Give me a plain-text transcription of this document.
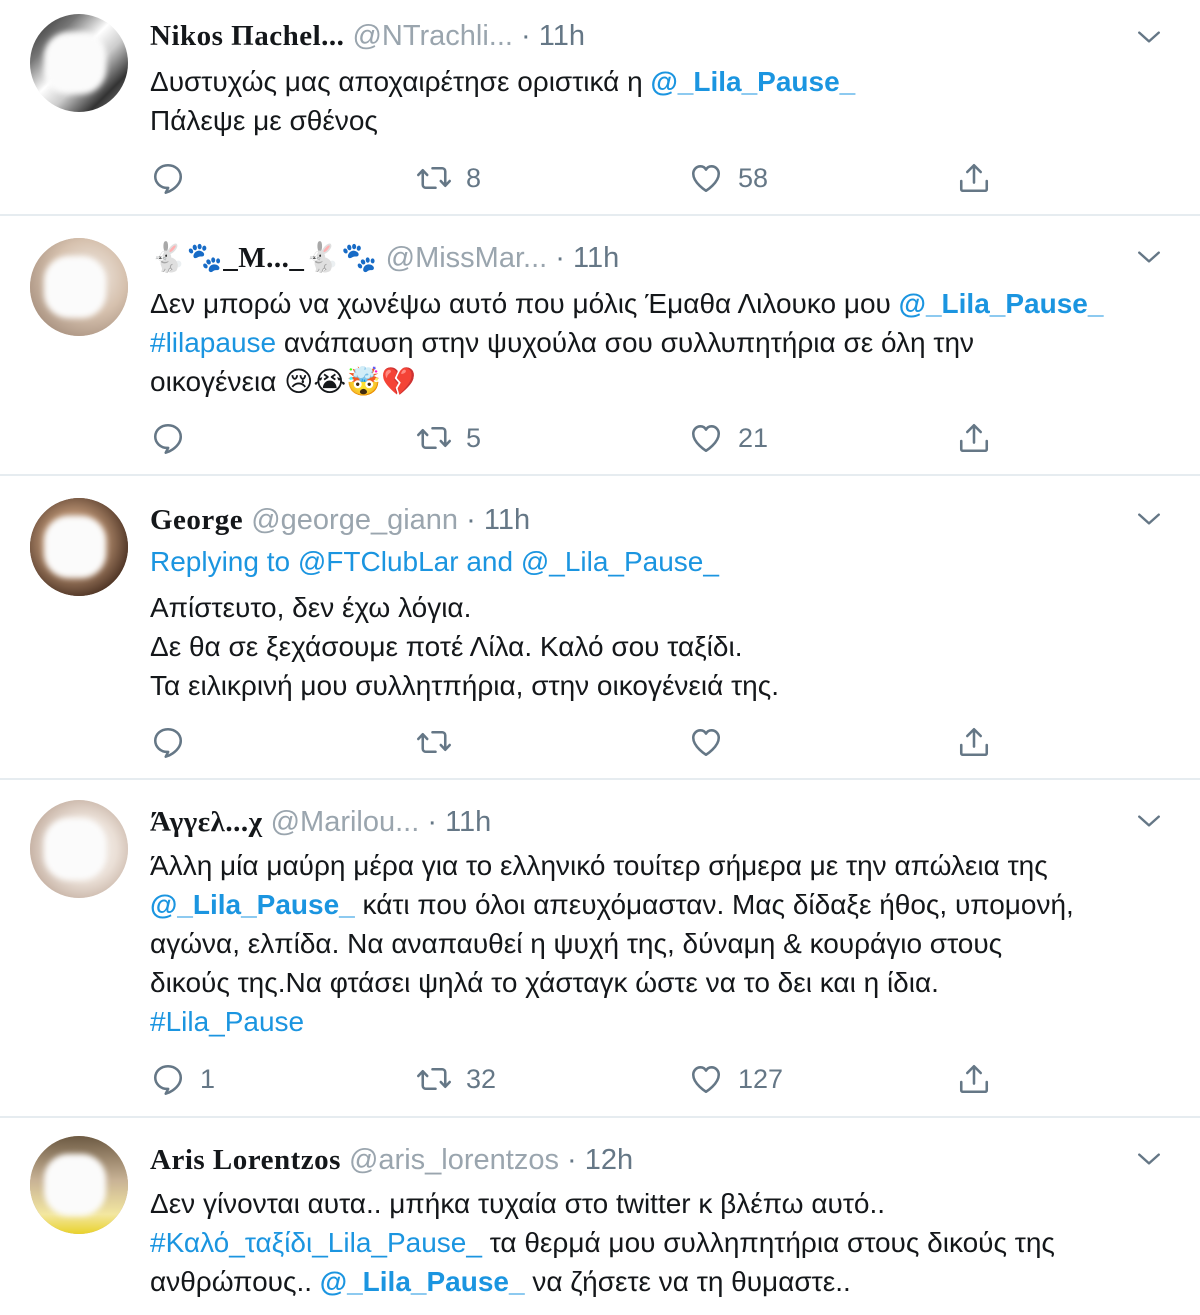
Νikos Πachel... @NTrachli... · 11h
Δυστυχώς μας αποχαιρέτησε οριστικά η @_Lila_Pause_
Πάλεψε με σθένος
8	58
🐇🐾_M..._🐇🐾 @MissMar... · 11h
Δεν μπορώ να χωνέψω αυτό που μόλις Έμαθα Λιλουκο μου @_Lila_Pause_
#lilapause ανάπαυση στην ψυχούλα σου συλλυπητήρια σε όλη την
οικογένεια 😢😭🤯💔
5	21
George @george_giann · 11h
Replying to @FTClubLar and @_Lila_Pause_
Απίστευτο, δεν έχω λόγια.
Δε θα σε ξεχάσουμε ποτέ Λίλα. Καλό σου ταξίδι.
Τα ειλικρινή μου συλλητπήρια, στην οικογένειά της.
Άγγελ...χ @Marilou... · 11h
Άλλη μία μαύρη μέρα για το ελληνικό τουίτερ σήμερα με την απώλεια της
@_Lila_Pause_ κάτι που όλοι απευχόμασταν. Μας δίδαξε ήθος, υπομονή,
αγώνα, ελπίδα. Να αναπαυθεί η ψυχή της, δύναμη & κουράγιο στους
δικούς της.Να φτάσει ψηλά το χάσταγκ ώστε να το δει και η ίδια.
#Lila_Pause
1	32	127
Aris Lorentzos @aris_lorentzos · 12h
Δεν γίνονται αυτα.. μπήκα τυχαία στο twitter κ βλέπω αυτό..
#Καλό_ταξίδι_Lila_Pause_ τα θερμά μου συλληπητήρια στους δικούς της
ανθρώπους.. @_Lila_Pause_ να ζήσετε να τη θυμαστε..
